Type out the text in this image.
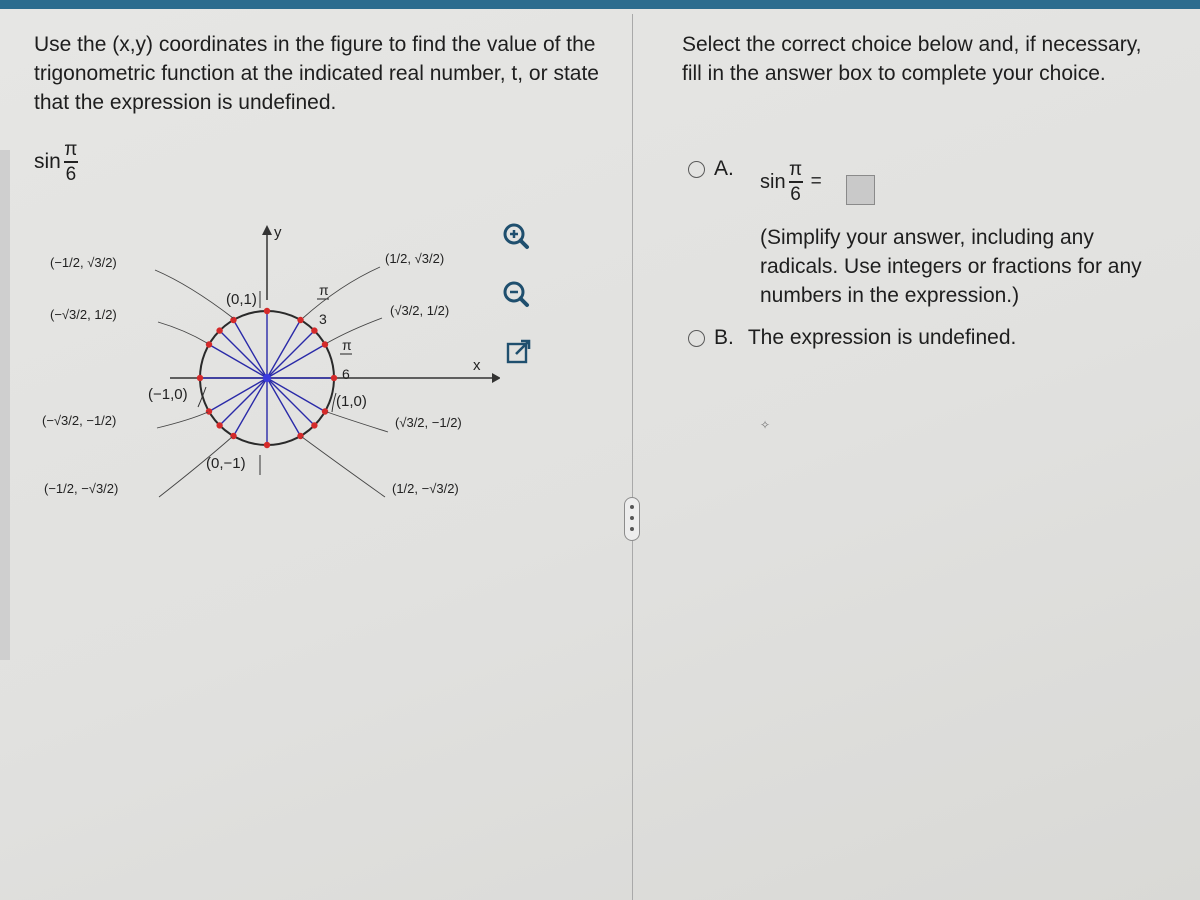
Use the (x,y) coordinates in the figure to find the value of the trigonometric function at the indicated real number, t, or state that the expression is undefined.
$\sin \frac{\pi}{6}$
y
x
(0,1)
(−1,0)	(1,0)
(0,−1)
π
3
π
6
(1/2, √3/2)
(√3/2, 1/2)
(√3/2, −1/2)
(1/2, −√3/2)
(−1/2, √3/2)
(−√3/2, 1/2)
(−√3/2, −1/2)
(−1/2, −√3/2)
Select the correct choice below and, if necessary, fill in the answer box to complete your choice.
A.
$\sin \frac{\pi}{6}$ =
(Simplify your answer, including any radicals. Use integers or fractions for any numbers in the expression.)
B. The expression is undefined.
✧
